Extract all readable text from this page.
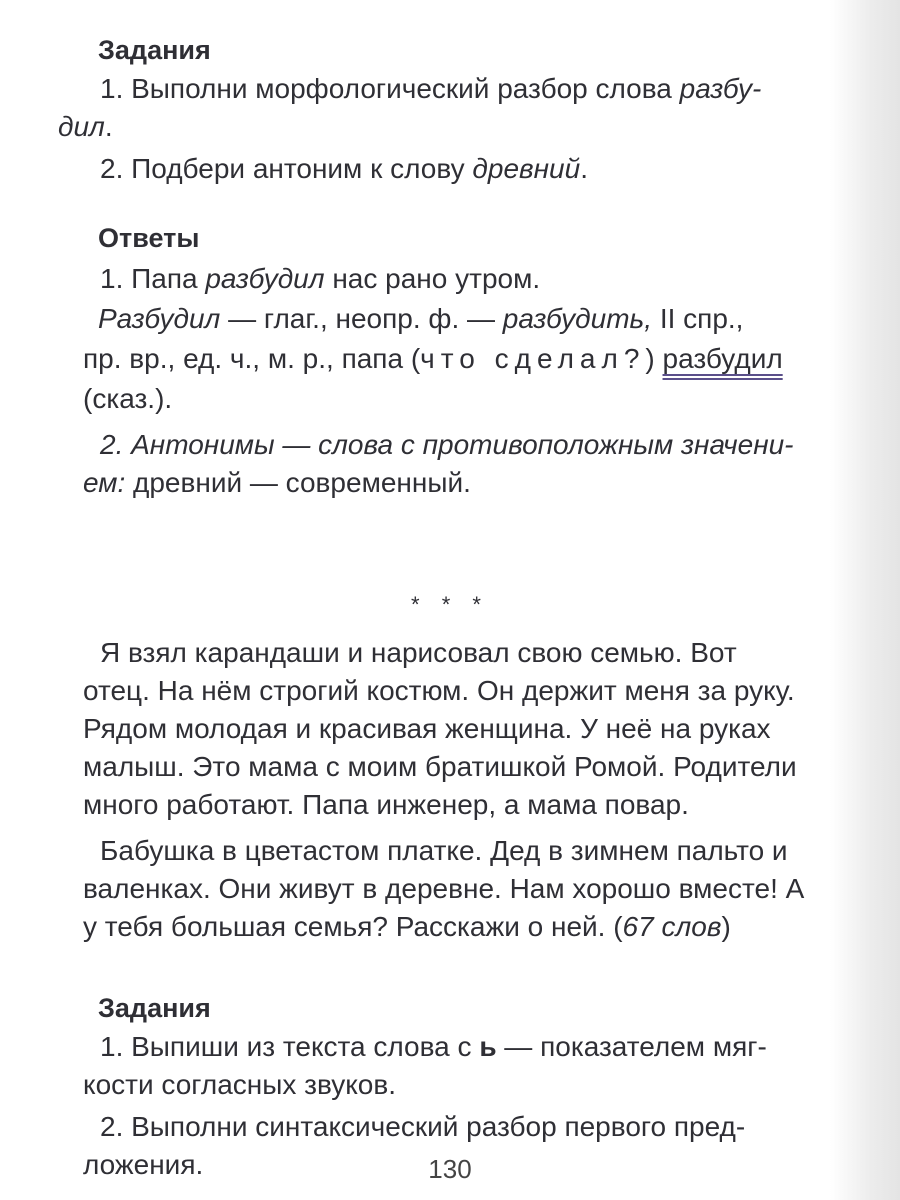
Задания

1. Выполни морфологический разбор слова разбу-

дил.

2. Подбери антоним к слову древний.

Ответы

1. Папа разбудил нас рано утром.

Разбудил — глаг., неопр. ф. — разбудить, II спр.,

пр. вр., ед. ч., м. р., папа (что сделал?) разбудил

(сказ.).

2. Антонимы — слова с противоположным значени-

ем: древний — современный.

* * *

Я взял карандаши и нарисовал свою семью. Вот

отец. На нём строгий костюм. Он держит меня за руку.

Рядом молодая и красивая женщина. У неё на руках

малыш. Это мама с моим братишкой Ромой. Родители

много работают. Папа инженер, а мама повар.

Бабушка в цветастом платке. Дед в зимнем пальто и

валенках. Они живут в деревне. Нам хорошо вместе! А

у тебя большая семья? Расскажи о ней. (67 слов)

Задания

1. Выпиши из текста слова с ь — показателем мяг-

кости согласных звуков.

2. Выполни синтаксический разбор первого пред-

ложения.	130
